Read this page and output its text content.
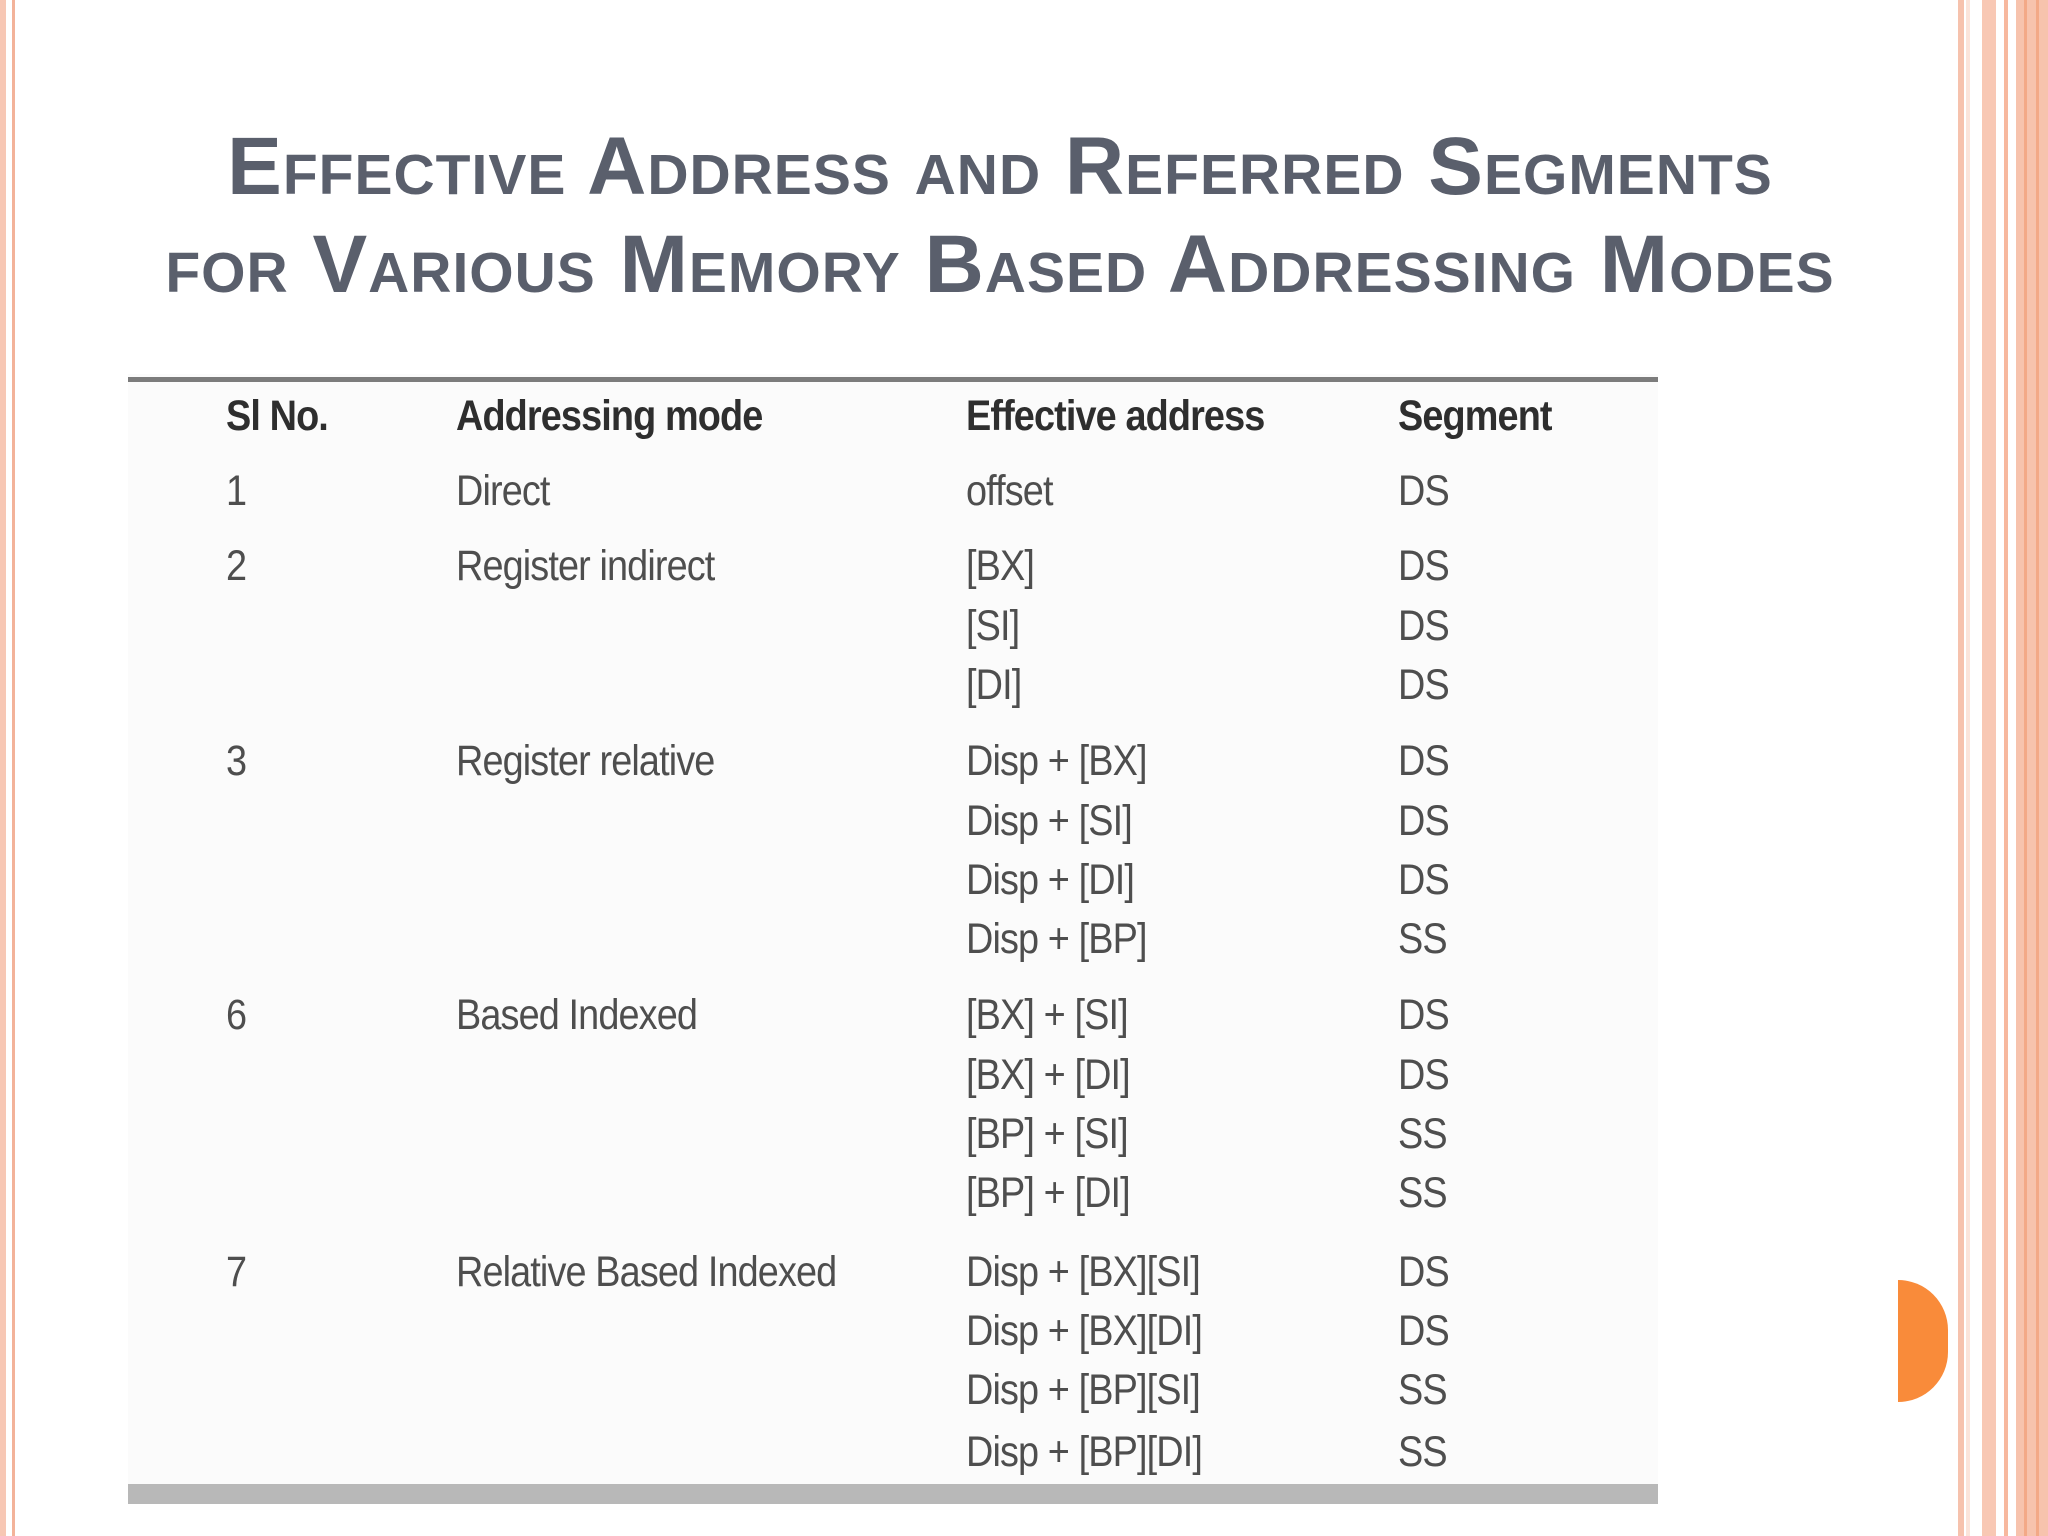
Effective Address and Referred Segments
for Various Memory Based Addressing Modes
Sl No.	Addressing mode	Effective address	Segment
1	Direct	offset	DS
2	Register indirect	[BX]	DS
[SI]	DS
[DI]	DS
3	Register relative	Disp + [BX]	DS
Disp + [SI]	DS
Disp + [DI]	DS
Disp + [BP]	SS
6	Based Indexed	[BX] + [SI]	DS
[BX] + [DI]	DS
[BP] + [SI]	SS
[BP] + [DI]	SS
7	Relative Based Indexed	Disp + [BX][SI]	DS
Disp + [BX][DI]	DS
Disp + [BP][SI]	SS
Disp + [BP][DI]	SS
